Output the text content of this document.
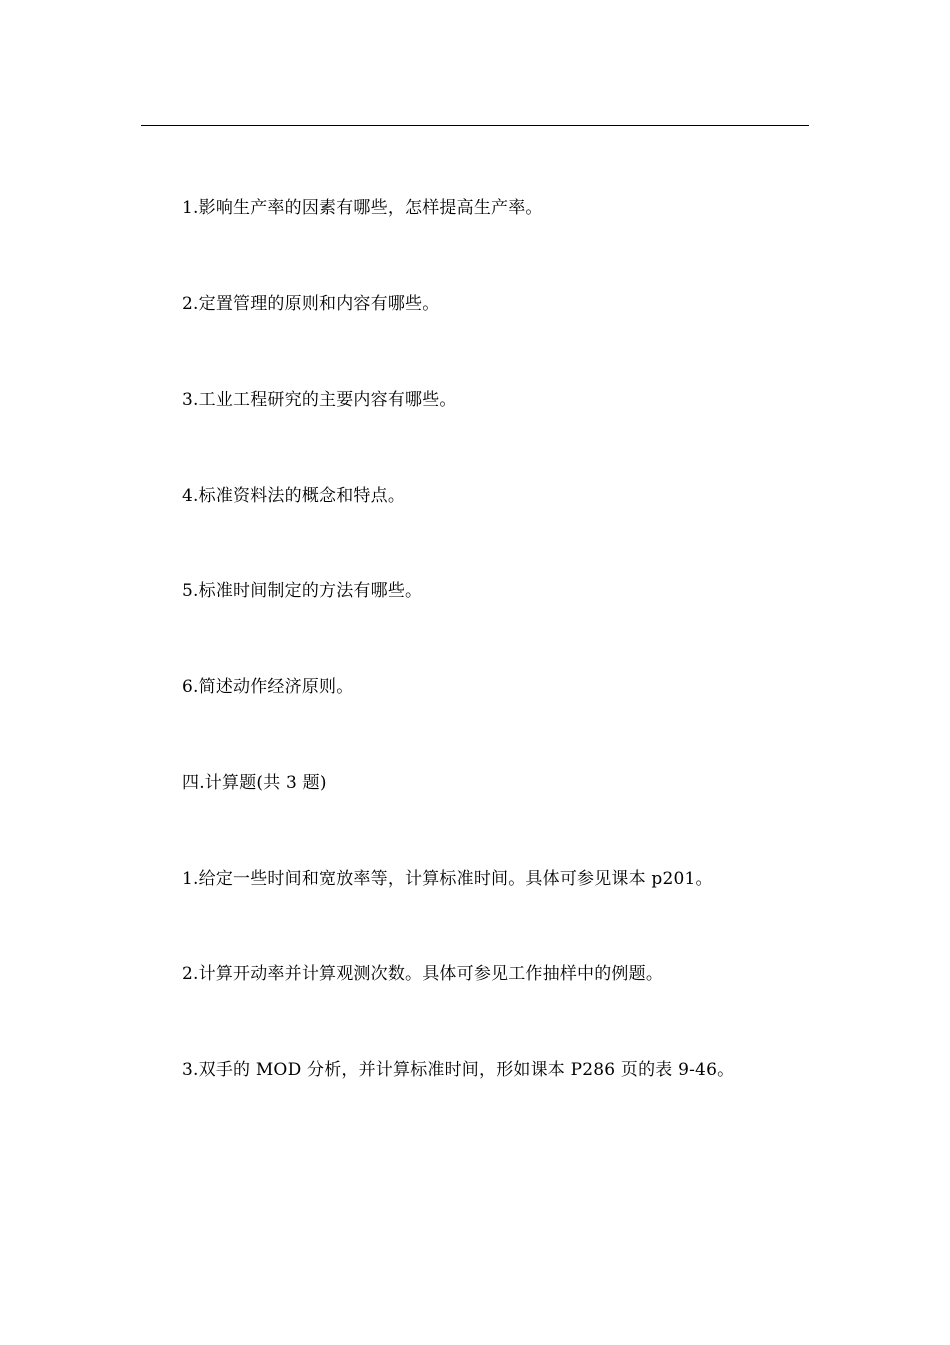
1.影响生产率的因素有哪些，怎样提高生产率。
2.定置管理的原则和内容有哪些。
3.工业工程研究的主要内容有哪些。
4.标准资料法的概念和特点。
5.标准时间制定的方法有哪些。
6.简述动作经济原则。
四.计算题(共 3 题)
1.给定一些时间和宽放率等，计算标准时间。具体可参见课本 p201。
2.计算开动率并计算观测次数。具体可参见工作抽样中的例题。
3.双手的 MOD 分析，并计算标准时间，形如课本 P286 页的表 9-46。
